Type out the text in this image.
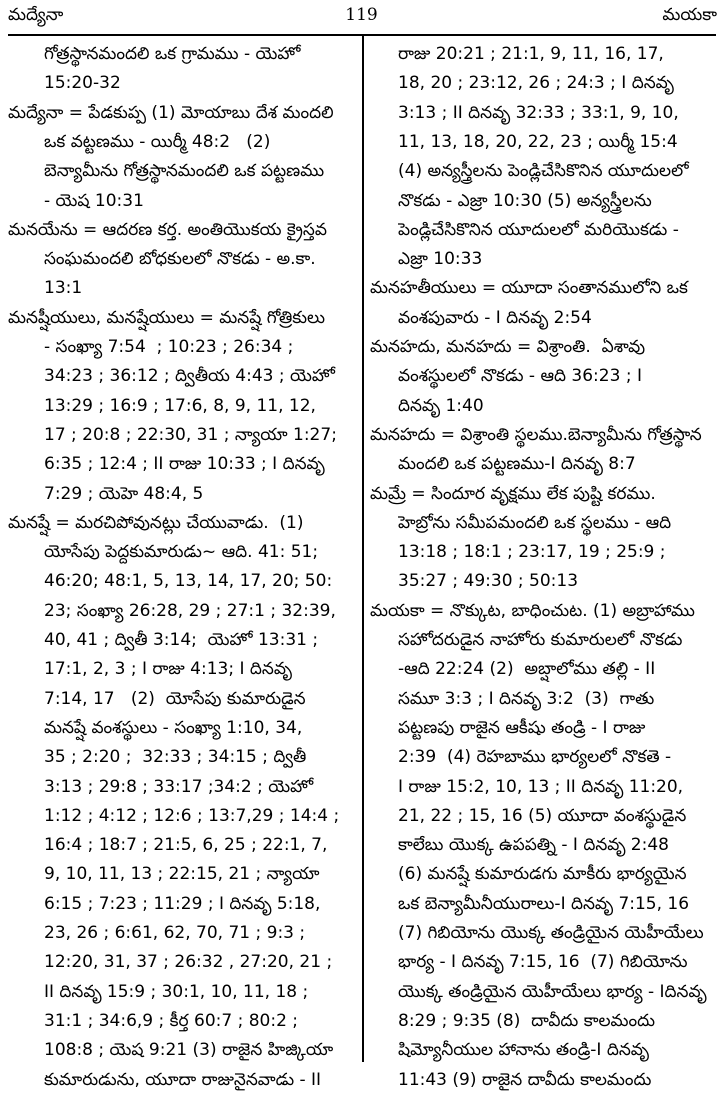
మద్యేనా	119	మయకా
గోత్రస్థానమందలి ఒక గ్రామము - యెహో
15:20-32
మద్యేనా = పేడకుప్ప (1) మోయాబు దేశ మందలి
ఒక వట్టణము - యిర్మీ 48:2   (2)
బెన్యామీను గోత్రస్థానమందలి ఒక పట్టణము
- యెష 10:31
మనయేను = ఆదరణ కర్త. అంతియొకయ క్రైస్తవ
సంఘమందలి బోధకులలో నొకడు - అ.కా.
13:1
మనష్షీయులు, మనష్షేయులు = మనష్షే గోత్రికులు
- సంఖ్యా 7:54  ; 10:23 ; 26:34 ;
34:23 ; 36:12 ; ద్వితీయ 4:43 ; యెహో
13:29 ; 16:9 ; 17:6, 8, 9, 11, 12,
17 ; 20:8 ; 22:30, 31 ; న్యాయా 1:27;
6:35 ; 12:4 ; II రాజు 10:33 ; I దినవృ
7:29 ; యెహె 48:4, 5
మనష్షే = మరచిపోవునట్లు చేయువాడు.  (1)
యోసేపు పెద్దకుమారుడు~ ఆది. 41: 51;
46:20; 48:1, 5, 13, 14, 17, 20; 50:
23; సంఖ్యా 26:28, 29 ; 27:1 ; 32:39,
40, 41 ; ద్వితీ 3:14;  యెహో 13:31 ;
17:1, 2, 3 ; I రాజు 4:13; I దినవృ
7:14, 17   (2)  యోసేపు కుమారుడైన
మనష్షే వంశస్థులు - సంఖ్యా 1:10, 34,
35 ; 2:20 ;  32:33 ; 34:15 ; ద్వితీ
3:13 ; 29:8 ; 33:17 ;34:2 ; యెహో
1:12 ; 4:12 ; 12:6 ; 13:7,29 ; 14:4 ;
16:4 ; 18:7 ; 21:5, 6, 25 ; 22:1, 7,
9, 10, 11, 13 ; 22:15, 21 ; న్యాయా
6:15 ; 7:23 ; 11:29 ; I దినవృ 5:18,
23, 26 ; 6:61, 62, 70, 71 ; 9:3 ;
12:20, 31, 37 ; 26:32 , 27:20, 21 ;
II దినవృ 15:9 ; 30:1, 10, 11, 18 ;
31:1 ; 34:6,9 ; కీర్త 60:7 ; 80:2 ;
108:8 ; యెష 9:21 (3) రాజైన హిజ్కియా
కుమారుడును, యూదా రాజునైనవాడు - II
రాజు 20:21 ; 21:1, 9, 11, 16, 17,
18, 20 ; 23:12, 26 ; 24:3 ; I దినవృ
3:13 ; II దినవృ 32:33 ; 33:1, 9, 10,
11, 13, 18, 20, 22, 23 ; యిర్మీ 15:4
(4) అన్యస్త్రీలను పెండ్లిచేసికొనిన యూదులలో
నొకడు - ఎజ్రా 10:30 (5) అన్యస్త్రీలను
పెండ్లిచేసికొనిన యూదులలో మరియొకడు -
ఎజ్రా 10:33
మనహతీయులు = యూదా సంతానములోని ఒక
వంశపువారు - I దినవృ 2:54
మనహదు, మనహదు = విశ్రాంతి.  ఏశావు
వంశస్థులలో నొకడు - ఆది 36:23 ; I
దినవృ 1:40
మనహదు = విశ్రాంతి స్థలము.బెన్యామీను గోత్రస్థాన
మందలి ఒక పట్టణము-I దినవృ 8:7
మమ్రే = సిందూర వృక్షము లేక పుష్టి కరము.
హెబ్రోను సమీపమందలి ఒక స్థలము - ఆది
13:18 ; 18:1 ; 23:17, 19 ; 25:9 ;
35:27 ; 49:30 ; 50:13
మయకా = నొక్కుట, బాధించుట. (1) అబ్రాహాము
సహోదరుడైన నాహోరు కుమారులలో నొకడు
-ఆది 22:24 (2)  అబ్షాలోము తల్లి - II
సమూ 3:3 ; I దినవృ 3:2  (3)  గాతు
పట్టణపు రాజైన ఆకీషు తండ్రి - I రాజు
2:39  (4) రెహబాము భార్యలలో నొకతె -
I రాజు 15:2, 10, 13 ; II దినవృ 11:20,
21, 22 ; 15, 16 (5) యూదా వంశస్థుడైన
కాలేబు యొక్క ఉపపత్ని - I దినవృ 2:48
(6) మనష్షే కుమారుడగు మాకీరు భార్యయైన
ఒక బెన్యామీనీయురాలు-I దినవృ 7:15, 16
(7) గిబియోను యొక్క తండ్రియైన యెహీయేలు
భార్య - I దినవృ 7:15, 16  (7) గిబియోను
యొక్క తండ్రియైన యెహీయేలు భార్య - Iదినవృ
8:29 ; 9:35 (8)  దావీదు కాలమందు
షిమ్యోనీయుల హానాను తండ్రి-I దినవృ
11:43 (9) రాజైన దావీదు కాలమందు
